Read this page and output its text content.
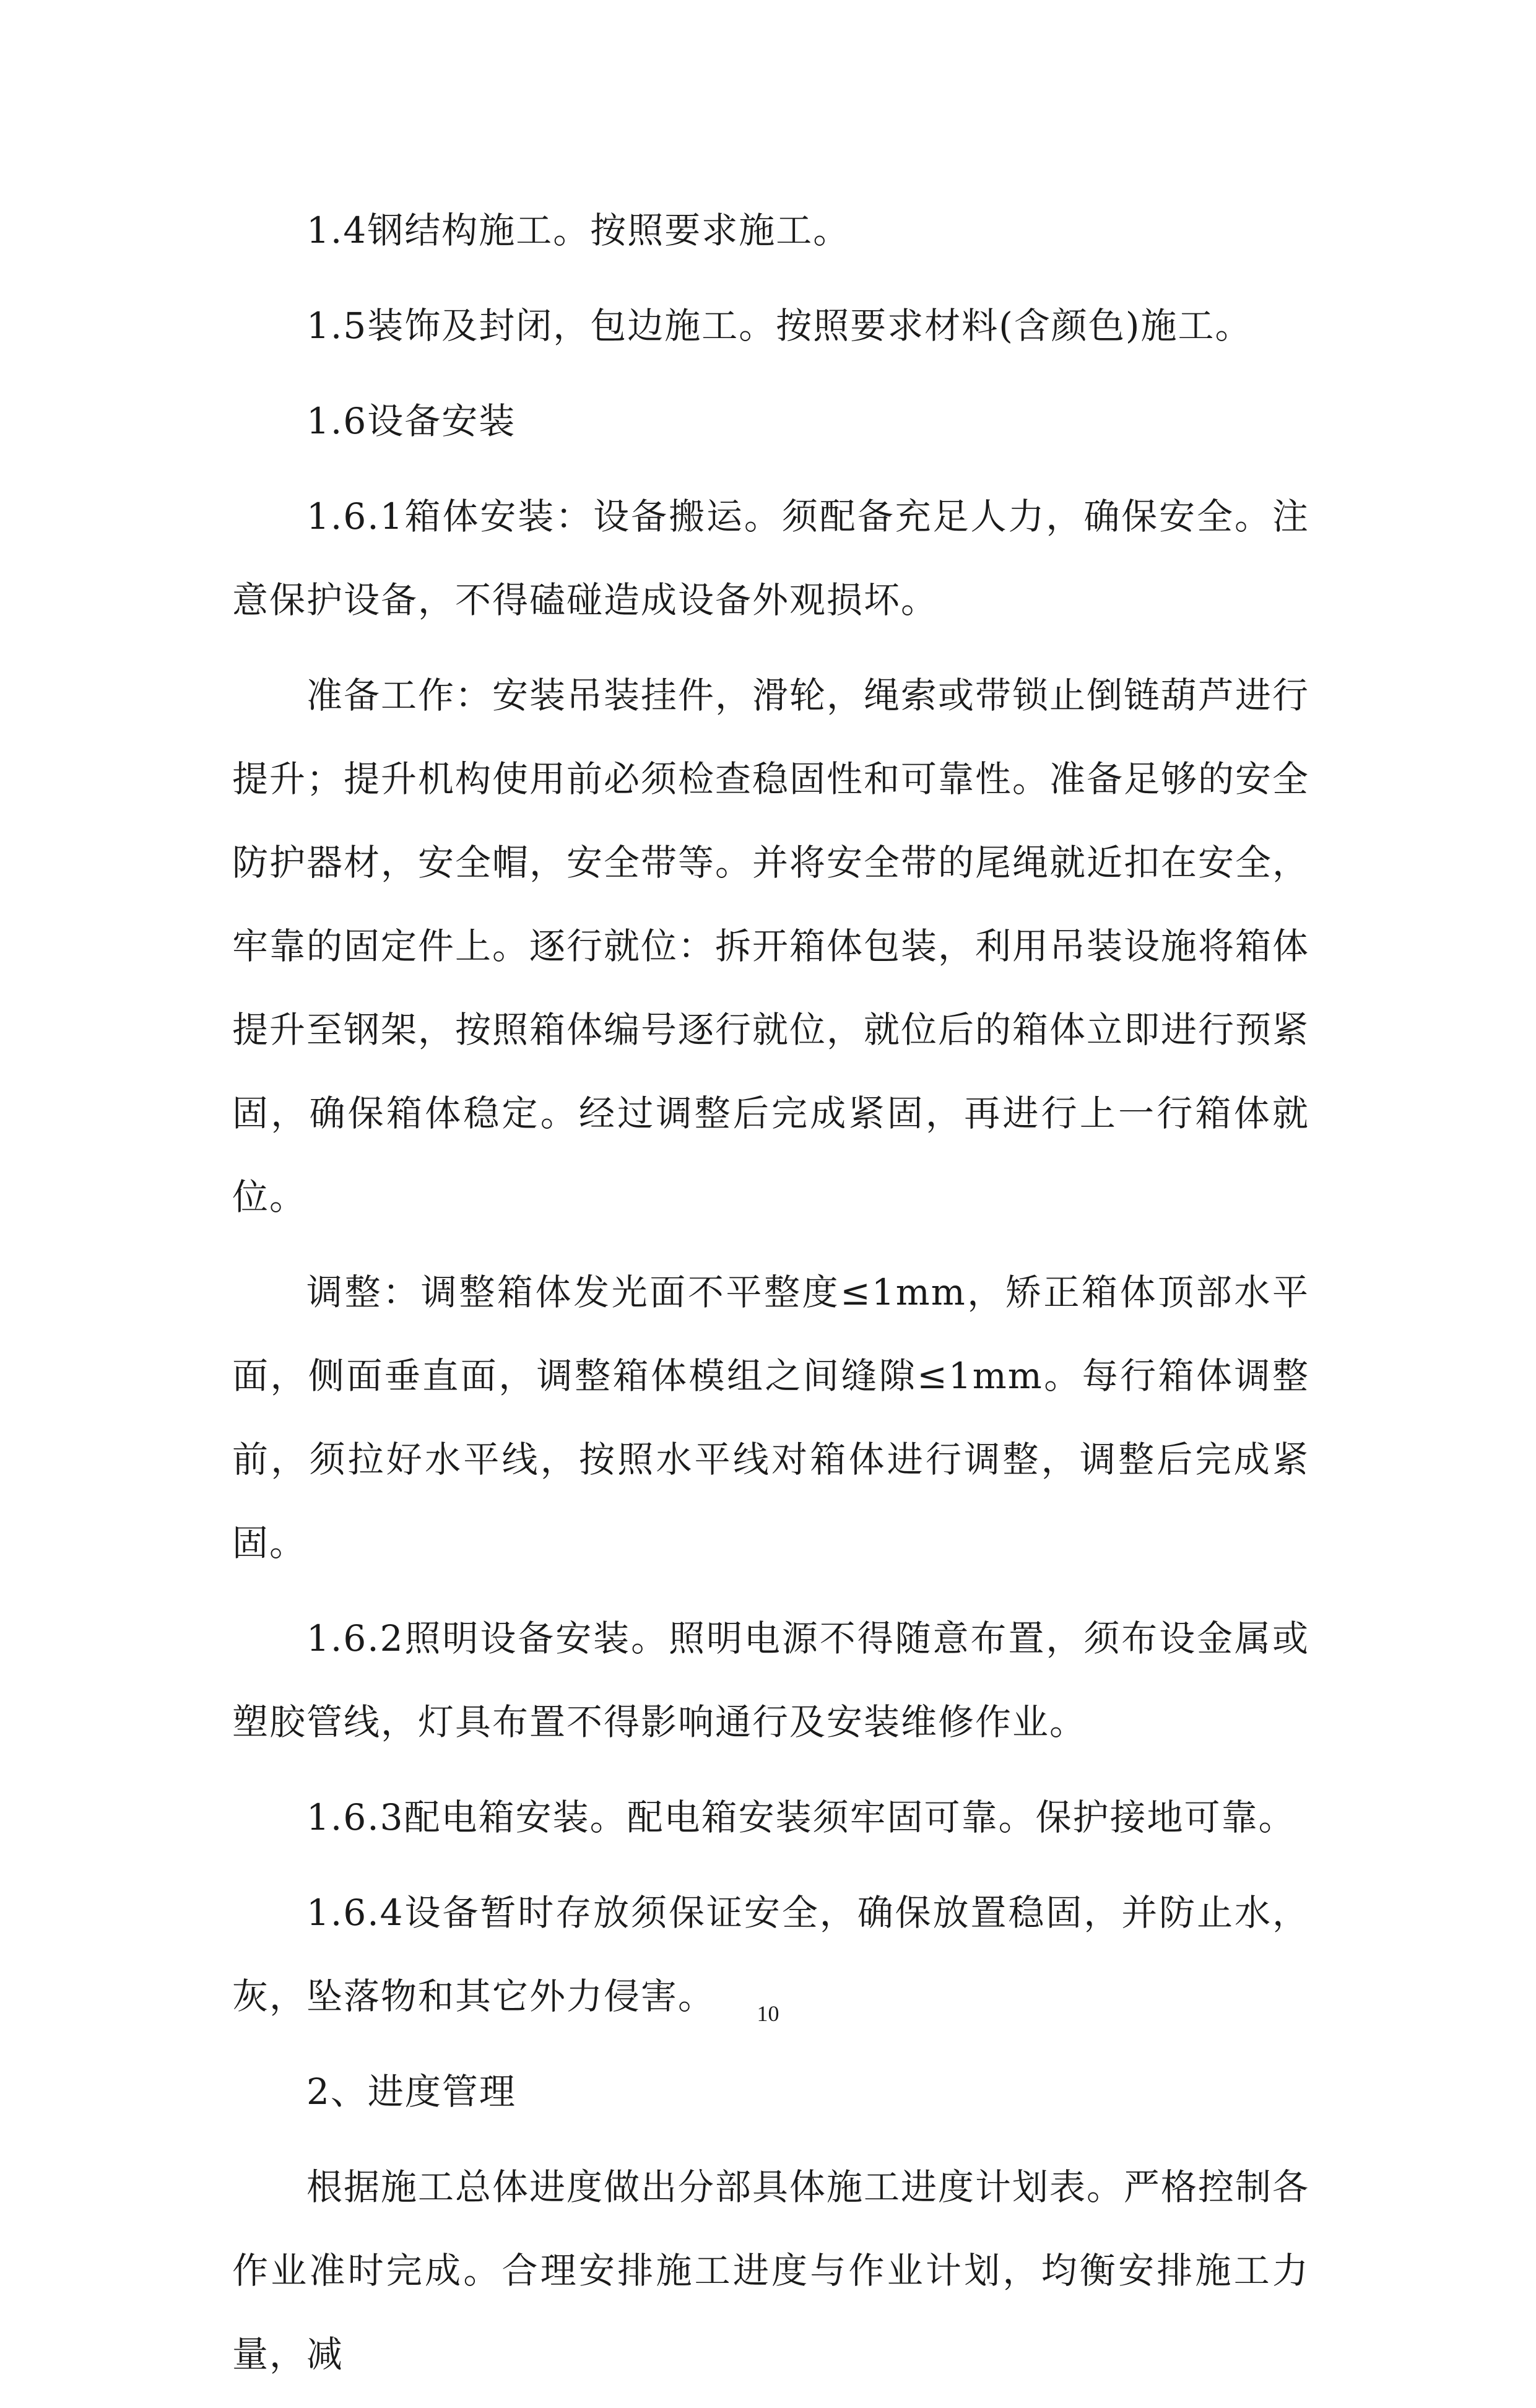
1.4钢结构施工。按照要求施工。

1.5装饰及封闭，包边施工。按照要求材料(含颜色)施工。

1.6设备安装

1.6.1箱体安装：设备搬运。须配备充足人力，确保安全。注意保护设备，不得磕碰造成设备外观损坏。

准备工作：安装吊装挂件，滑轮，绳索或带锁止倒链葫芦进行提升；提升机构使用前必须检查稳固性和可靠性。准备足够的安全防护器材，安全帽，安全带等。并将安全带的尾绳就近扣在安全，牢靠的固定件上。逐行就位：拆开箱体包装，利用吊装设施将箱体提升至钢架，按照箱体编号逐行就位，就位后的箱体立即进行预紧固，确保箱体稳定。经过调整后完成紧固，再进行上一行箱体就位。

调整：调整箱体发光面不平整度≤1mm，矫正箱体顶部水平面，侧面垂直面，调整箱体模组之间缝隙≤1mm。每行箱体调整前，须拉好水平线，按照水平线对箱体进行调整，调整后完成紧固。

1.6.2照明设备安装。照明电源不得随意布置，须布设金属或塑胶管线，灯具布置不得影响通行及安装维修作业。

1.6.3配电箱安装。配电箱安装须牢固可靠。保护接地可靠。

1.6.4设备暂时存放须保证安全，确保放置稳固，并防止水，灰，坠落物和其它外力侵害。

2、进度管理

根据施工总体进度做出分部具体施工进度计划表。严格控制各作业准时完成。合理安排施工进度与作业计划，均衡安排施工力量，减

10
